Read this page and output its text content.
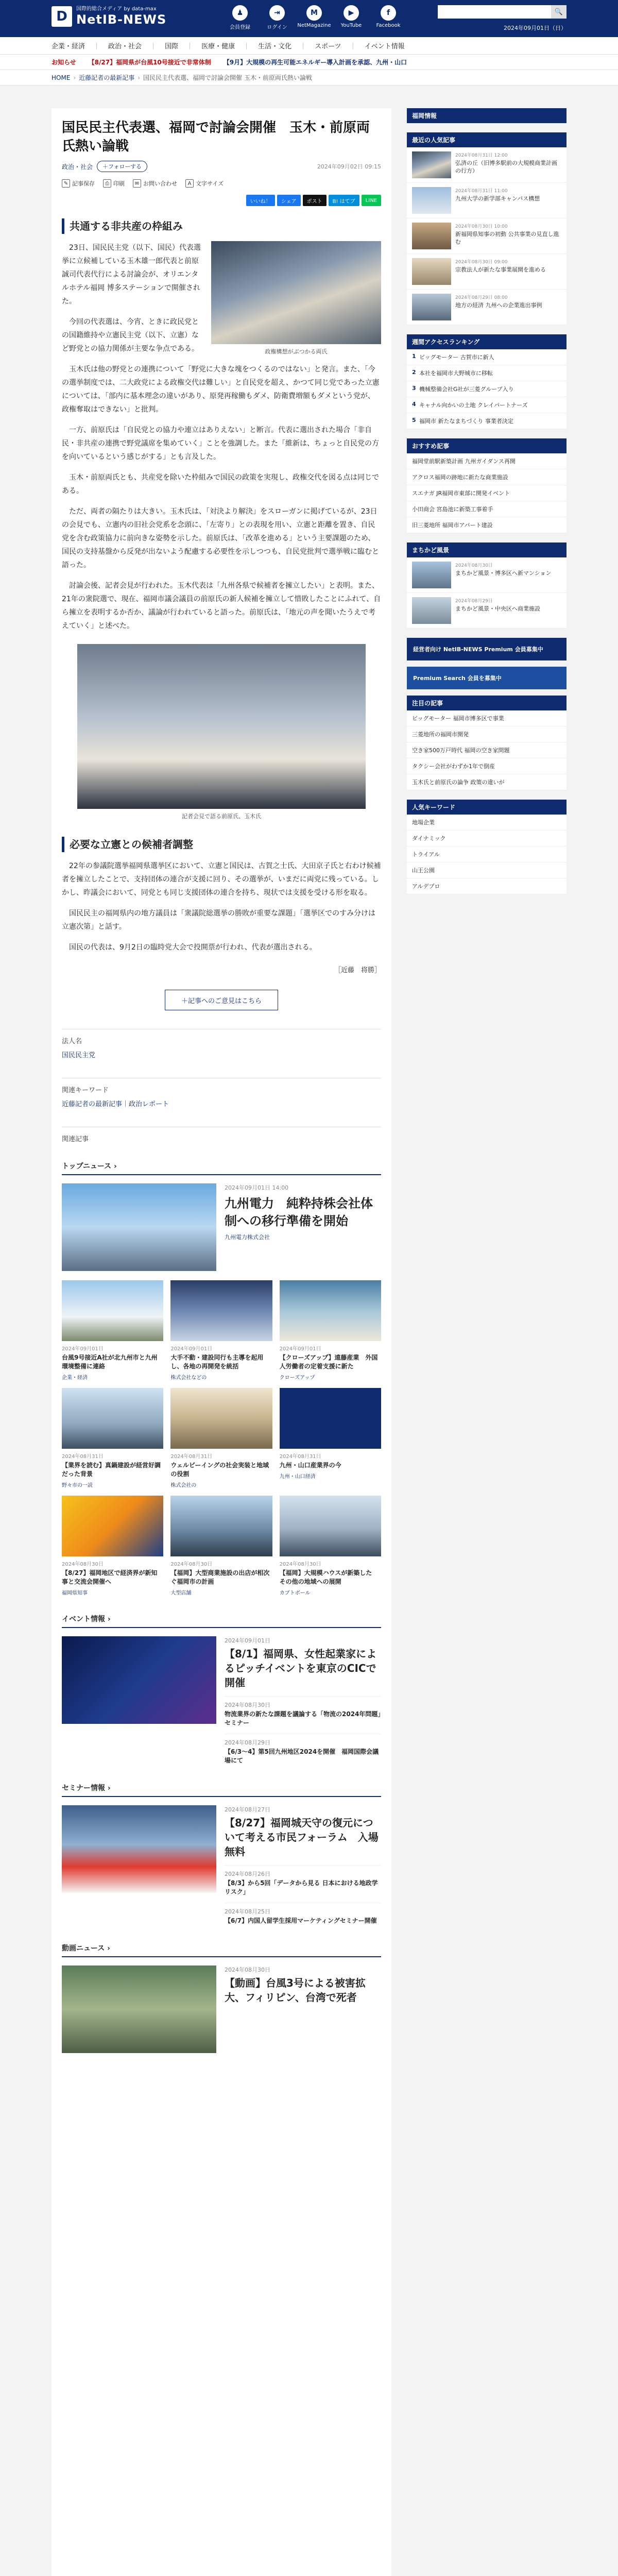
D	国際的総合メディア by data-max
NetIB-NEWS	♟
会員登録
⇥
ログイン
M
NetMagazine
▶
YouTube
f
Facebook
🔍
2024年09月01日（日）
企業・経済 ｜ 政治・社会 ｜ 国際 ｜ 医療・健康 ｜ 生活・文化 ｜ スポーツ ｜ イベント情報
お知らせ 【8/27】福岡県が台風10号接近で非常体制 【9月】大規模の再生可能エネルギー導入計画を承認、九州・山口
HOME › 近藤記者の最新記事 › 国民民主代表選、福岡で討論会開催 玉木・前原両氏熱い論戦
国民民主代表選、福岡で討論会開催　玉木・前原両氏熱い論戦
政治・社会	＋フォローする	2024年09月02日 09:15
✎ 記事保存	⎙ 印刷	✉ お問い合わせ	A 文字サイズ
いいね！	シェア	ポスト	B! はてブ	LINE
共通する非共産の枠組み
政権構想がぶつかる両氏

23日、国民民主党（以下、国民）代表選挙に立候補している玉木雄一郎代表と前原誠司代表代行による討論会が、オリエンタルホテル福岡 博多ステーションで開催された。

今回の代表選は、今宵、ときに政民党との国籍維持や立憲民主党（以下、立憲）など野党との協力関係が主要な争点である。

玉木氏は他の野党との連携について「野党に大きな塊をつくるのではない」と発言。また、「今の選挙制度では、二大政党による政権交代は難しい」と自民党を超え、かつて同じ党であった立憲については、「部内に基本理念の違いがあり、原発再稼働もダメ、防衛費増額もダメという党が、政権奪取はできない」と批判。

一方、前原氏は「自民党との協力や連立はありえない」と断言。代表に選出された場合「非自民・非共産の連携で野党議席を集めていく」ことを強調した。また「維新は、ちょっと自民党の方を向いているという感じがする」とも言及した。

玉木・前原両氏とも、共産党を除いた枠組みで国民の政策を実現し、政権交代を図る点は同じである。

ただ、両者の隔たりは大きい。玉木氏は、「対決より解決」をスローガンに掲げているが、23日の会見でも、立憲内の旧社会党系を念頭に、「左寄り」との表現を用い、立憲と距離を置き、自民党を含む政策協力に前向きな姿勢を示した。前原氏は、「改革を進める」という主要課題のため、国民の支持基盤から反発が出ないよう配慮する必要性を示しつつも、自民党批判で選挙戦に臨むと語った。

討論会後、記者会見が行われた。玉木代表は「九州各県で候補者を擁立したい」と表明。また、21年の衆院選で、現在、福岡市議会議員の前原氏の新人候補を擁立して惜敗したことにふれて、自ら擁立を表明するか否か、議論が行われていると語った。前原氏は、「地元の声を聞いたうえで考えていく」と述べた。

記者会見で語る前原氏、玉木氏
必要な立憲との候補者調整

22年の参議院選挙福岡県選挙区において、立憲と国民は、古賀之士氏、大田京子氏と右わけ候補者を擁立したことで、支持団体の連合が支援に回り、その選挙が、いまだに両党に残っている。しかし、昨議会において、同党とも同じ支援団体の連合を持ち、現状では支援を受ける形を取る。

国民民主の福岡県内の地方議員は「衆議院総選挙の勝敗が重要な課題」「選挙区でのすみ分けは立憲次第」と話す。

国民の代表は、9月2日の臨時党大会で投開票が行われ、代表が選出される。

［近藤　将勝］
＋記事へのご意見はこちら
法人名
国民民主党
関連キーワード
近藤記者の最新記事｜政治レポート
関連記事
トップニュース ›
2024年09月01日 14:00
九州電力　純粋持株会社体制への移行準備を開始
九州電力株式会社
2024年09月01日
台風9号接近A社が北九州市と九州環境整備に連絡
企業・経済
2024年09月01日
大手不動・建設同行も主導を起用し、各地の再開発を統括
株式会社などの
2024年09月01日
【クローズアップ】遠藤産業　外国人労働者の定着支援に新た
クローズアップ
2024年08月31日
【業界を読む】真鍋建設が経営好調だった背景
野々市の一読
2024年08月31日
ウェルビーイングの社会実装と地域の役割
株式会社の
2024年08月31日
九州・山口産業界の今
九州・山口経済
2024年08月30日
【8/27】福岡地区で経済界が新知事と交流会開催へ
福岡県知事
2024年08月30日
【福岡】大型商業施設の出店が相次ぐ福岡市の計画
大型店舗
2024年08月30日
【福岡】大規模ハウスが新築した　その他の地域への展開
カブトボール
イベント情報 ›
2024年09月01日
【8/1】福岡県、女性起業家によるピッチイベントを東京のCICで開催
2024年08月30日
物流業界の新たな課題を議論する「物流の2024年問題」セミナー
2024年08月29日
【6/3〜4】第5回九州地区2024を開催　福岡国際会議場にて
セミナー情報 ›
2024年08月27日
【8/27】福岡城天守の復元について考える市民フォーラム　入場無料
2024年08月26日
【8/3】から5回「データから見る 日本における地政学リスク」
2024年08月25日
【6/7】内国人留学生採用マーケティングセミナー開催
動画ニュース ›
2024年08月30日
【動画】台風3号による被害拡大、フィリピン、台湾で死者
福岡情報
最近の人気記事
2024年08月31日 12:00
弘済の丘（旧博多駅前の大規模商業計画の行方）
2024年08月31日 11:00
九州大学の新学部キャンパス構想
2024年08月30日 10:00
新福岡県知事の初動 公共事業の見直し進む
2024年08月30日 09:00
宗教法人が新たな事業展開を進める
2024年08月29日 08:00
地方の経済 九州への企業進出事例
週間アクセスランキング
1 ビッグモーター 古賀市に新人
2 本社を福岡市大野城市に移転
3 機械整備会社G社が三菱グループ入り
4 キャナル向かいの土地 クレイパートナーズ
5 福岡市 新たなまちづくり 事業者決定
おすすめ記事
福岡堂前駅新築計画 九州ガイダンス再開
アクロス福岡の跡地に新たな商業施設
スエナガ JR福岡市東部に開発イベント
小田商会 宮島池に新築工事着手
旧三菱地所 福岡市アパート建設
まちかど風景
2024年08月30日
まちかど風景・博多区へ新マンション
2024年08月29日
まちかど風景・中央区へ商業施設
経営者向け NetIB-NEWS Premium 会員募集中
Premium Search 会員を募集中
注目の記事
ビッグモーター 福岡市博多区で事業
三菱地所の福岡市開発
空き家500万戸時代 福岡の空き家問題
タクシー会社がわずか1年で倒産
玉木氏と前原氏の論争 政策の違いが
人気キーワード
地場企業
ダイナミック
トライアル
山王公園
アルデプロ
